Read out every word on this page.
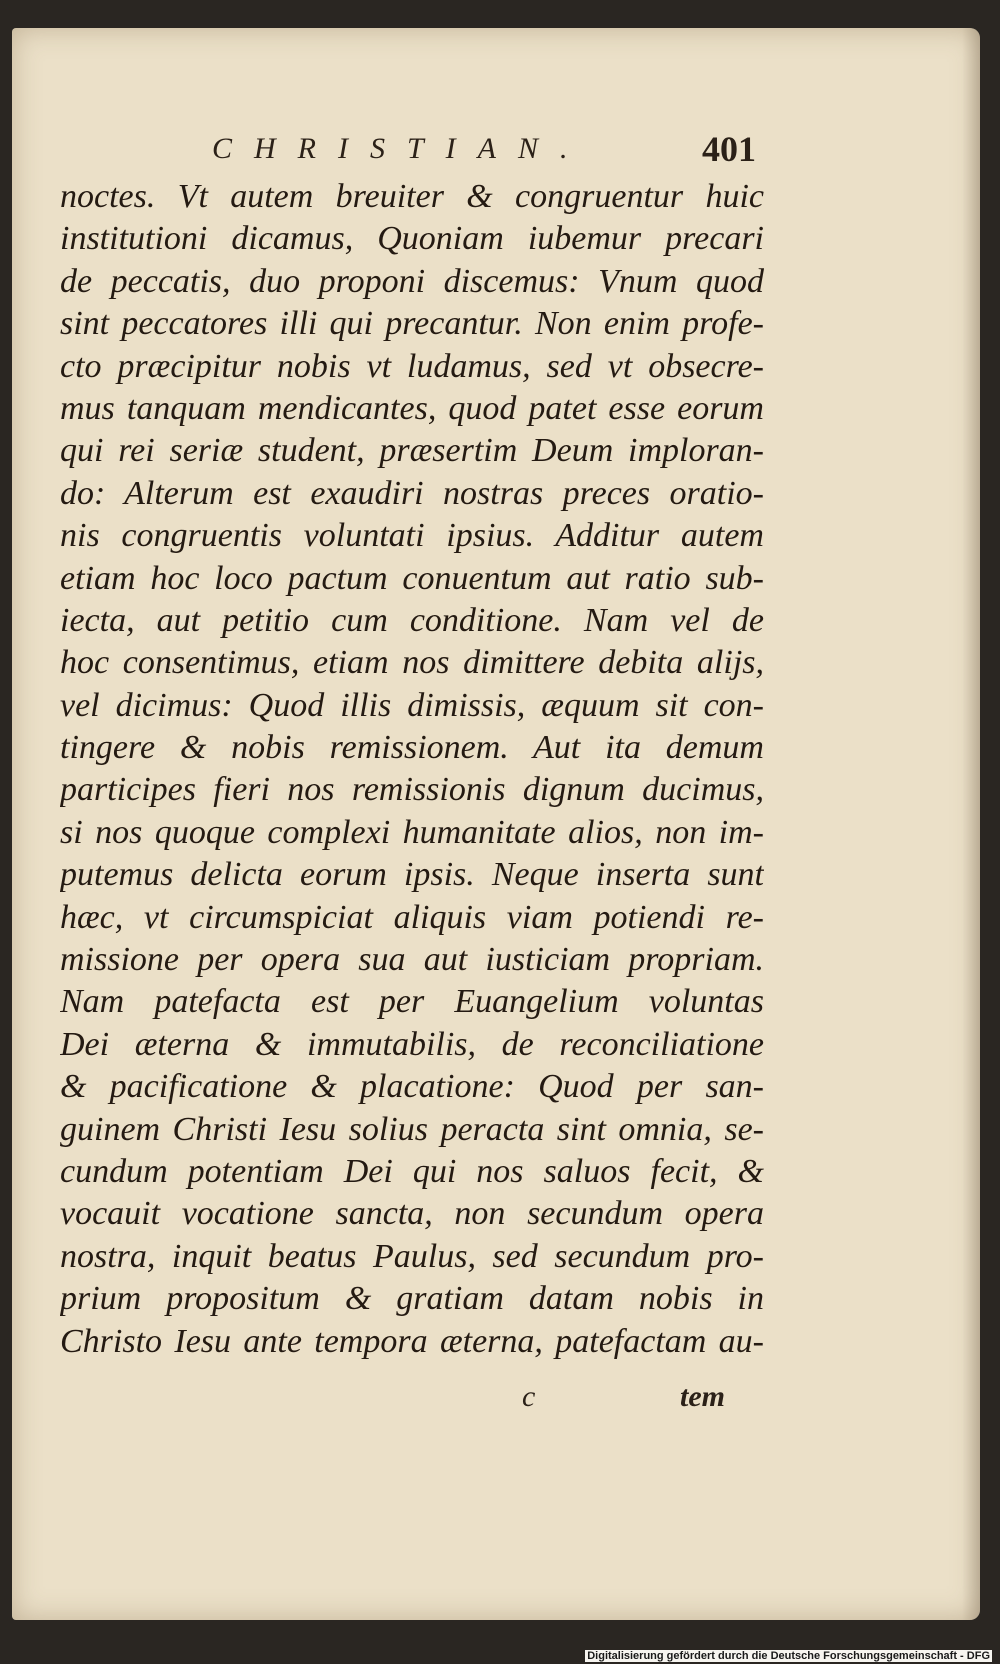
CHRISTIAN.	401
noctes. Vt autem breuiter & congruentur huic
institutioni dicamus, Quoniam iubemur precari
de peccatis, duo proponi discemus: Vnum quod
sint peccatores illi qui precantur. Non enim profe-
cto præcipitur nobis vt ludamus, sed vt obsecre-
mus tanquam mendicantes, quod patet esse eorum
qui rei seriæ student, præsertim Deum imploran-
do: Alterum est exaudiri nostras preces oratio-
nis congruentis voluntati ipsius. Additur autem
etiam hoc loco pactum conuentum aut ratio sub-
iecta, aut petitio cum conditione. Nam vel de
hoc consentimus, etiam nos dimittere debita alijs,
vel dicimus: Quod illis dimissis, æquum sit con-
tingere & nobis remissionem. Aut ita demum
participes fieri nos remissionis dignum ducimus,
si nos quoque complexi humanitate alios, non im-
putemus delicta eorum ipsis. Neque inserta sunt
hæc, vt circumspiciat aliquis viam potiendi re-
missione per opera sua aut iusticiam propriam.
Nam patefacta est per Euangelium voluntas
Dei æterna & immutabilis, de reconciliatione
& pacificatione & placatione: Quod per san-
guinem Christi Iesu solius peracta sint omnia, se-
cundum potentiam Dei qui nos saluos fecit, &
vocauit vocatione sancta, non secundum opera
nostra, inquit beatus Paulus, sed secundum pro-
prium propositum & gratiam datam nobis in
Christo Iesu ante tempora æterna, patefactam au-
c	tem
Digitalisierung gefördert durch die Deutsche Forschungsgemeinschaft - DFG
